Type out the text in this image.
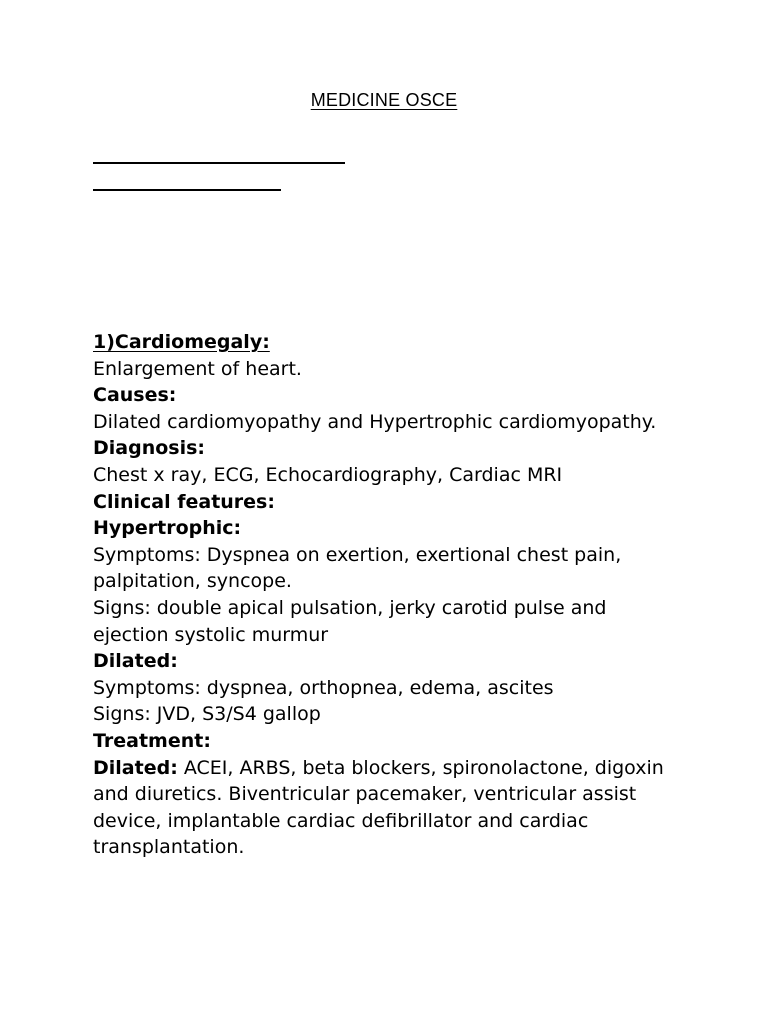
MEDICINE OSCE

1)Cardiomegaly:

Enlargement of heart.

Causes:

Dilated cardiomyopathy and Hypertrophic cardiomyopathy.

Diagnosis:

Chest x ray, ECG, Echocardiography, Cardiac MRI

Clinical features:

Hypertrophic:

Symptoms: Dyspnea on exertion, exertional chest pain,

palpitation, syncope.

Signs: double apical pulsation, jerky carotid pulse and

ejection systolic murmur

Dilated:

Symptoms: dyspnea, orthopnea, edema, ascites

Signs: JVD, S3/S4 gallop

Treatment:

Dilated: ACEI, ARBS, beta blockers, spironolactone, digoxin

and diuretics. Biventricular pacemaker, ventricular assist

device, implantable cardiac defibrillator and cardiac

transplantation.
